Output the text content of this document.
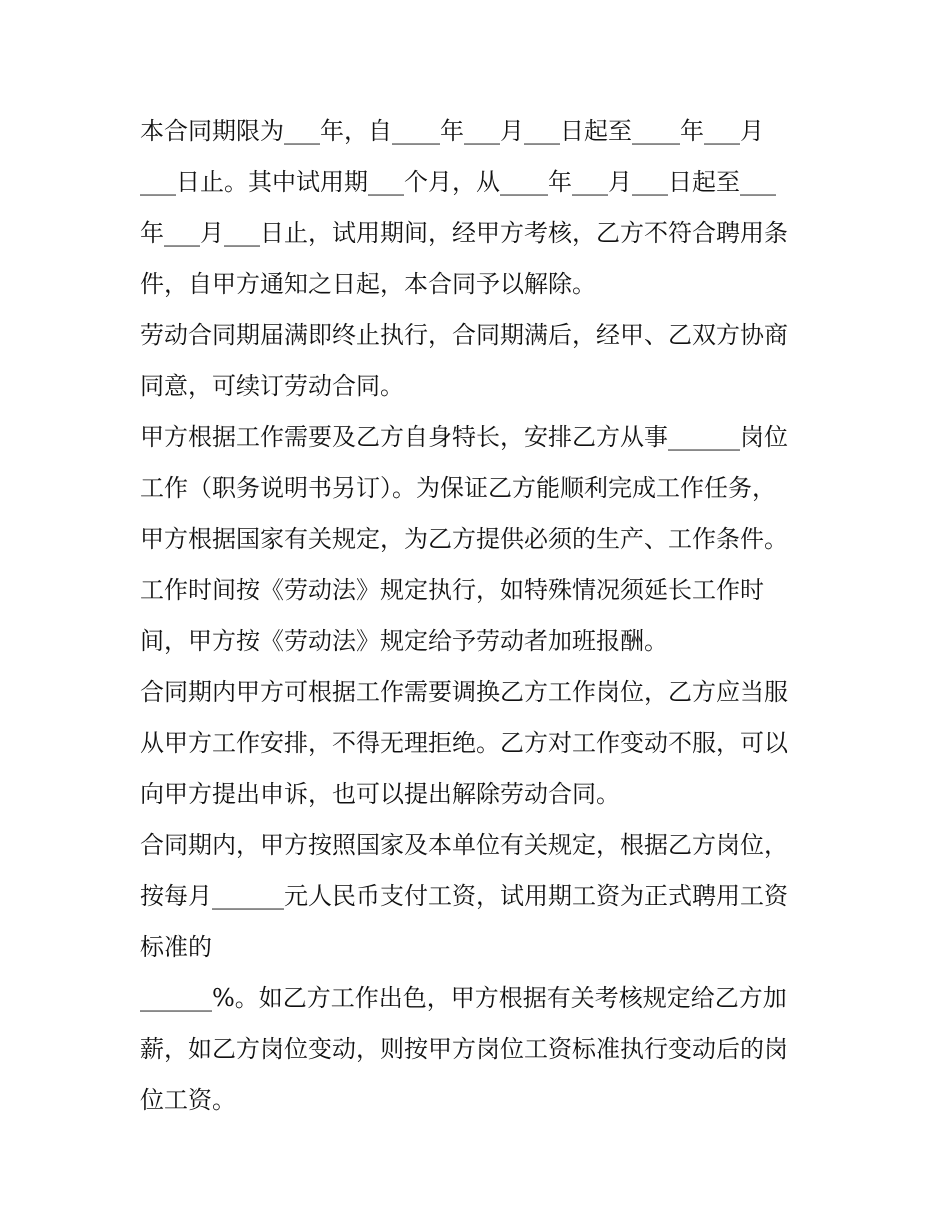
本合同期限为___年，自____年___月___日起至____年___月
___日止。其中试用期___个月，从____年___月___日起至___
年___月___日止，试用期间，经甲方考核，乙方不符合聘用条
件，自甲方通知之日起，本合同予以解除。
劳动合同期届满即终止执行，合同期满后，经甲、乙双方协商
同意，可续订劳动合同。
甲方根据工作需要及乙方自身特长，安排乙方从事______岗位
工作（职务说明书另订）。为保证乙方能顺利完成工作任务，
甲方根据国家有关规定，为乙方提供必须的生产、工作条件。
工作时间按《劳动法》规定执行，如特殊情况须延长工作时
间，甲方按《劳动法》规定给予劳动者加班报酬。
合同期内甲方可根据工作需要调换乙方工作岗位，乙方应当服
从甲方工作安排，不得无理拒绝。乙方对工作变动不服，可以
向甲方提出申诉，也可以提出解除劳动合同。
合同期内，甲方按照国家及本单位有关规定，根据乙方岗位，
按每月______元人民币支付工资，试用期工资为正式聘用工资
标准的
______%。如乙方工作出色，甲方根据有关考核规定给乙方加
薪，如乙方岗位变动，则按甲方岗位工资标准执行变动后的岗
位工资。
